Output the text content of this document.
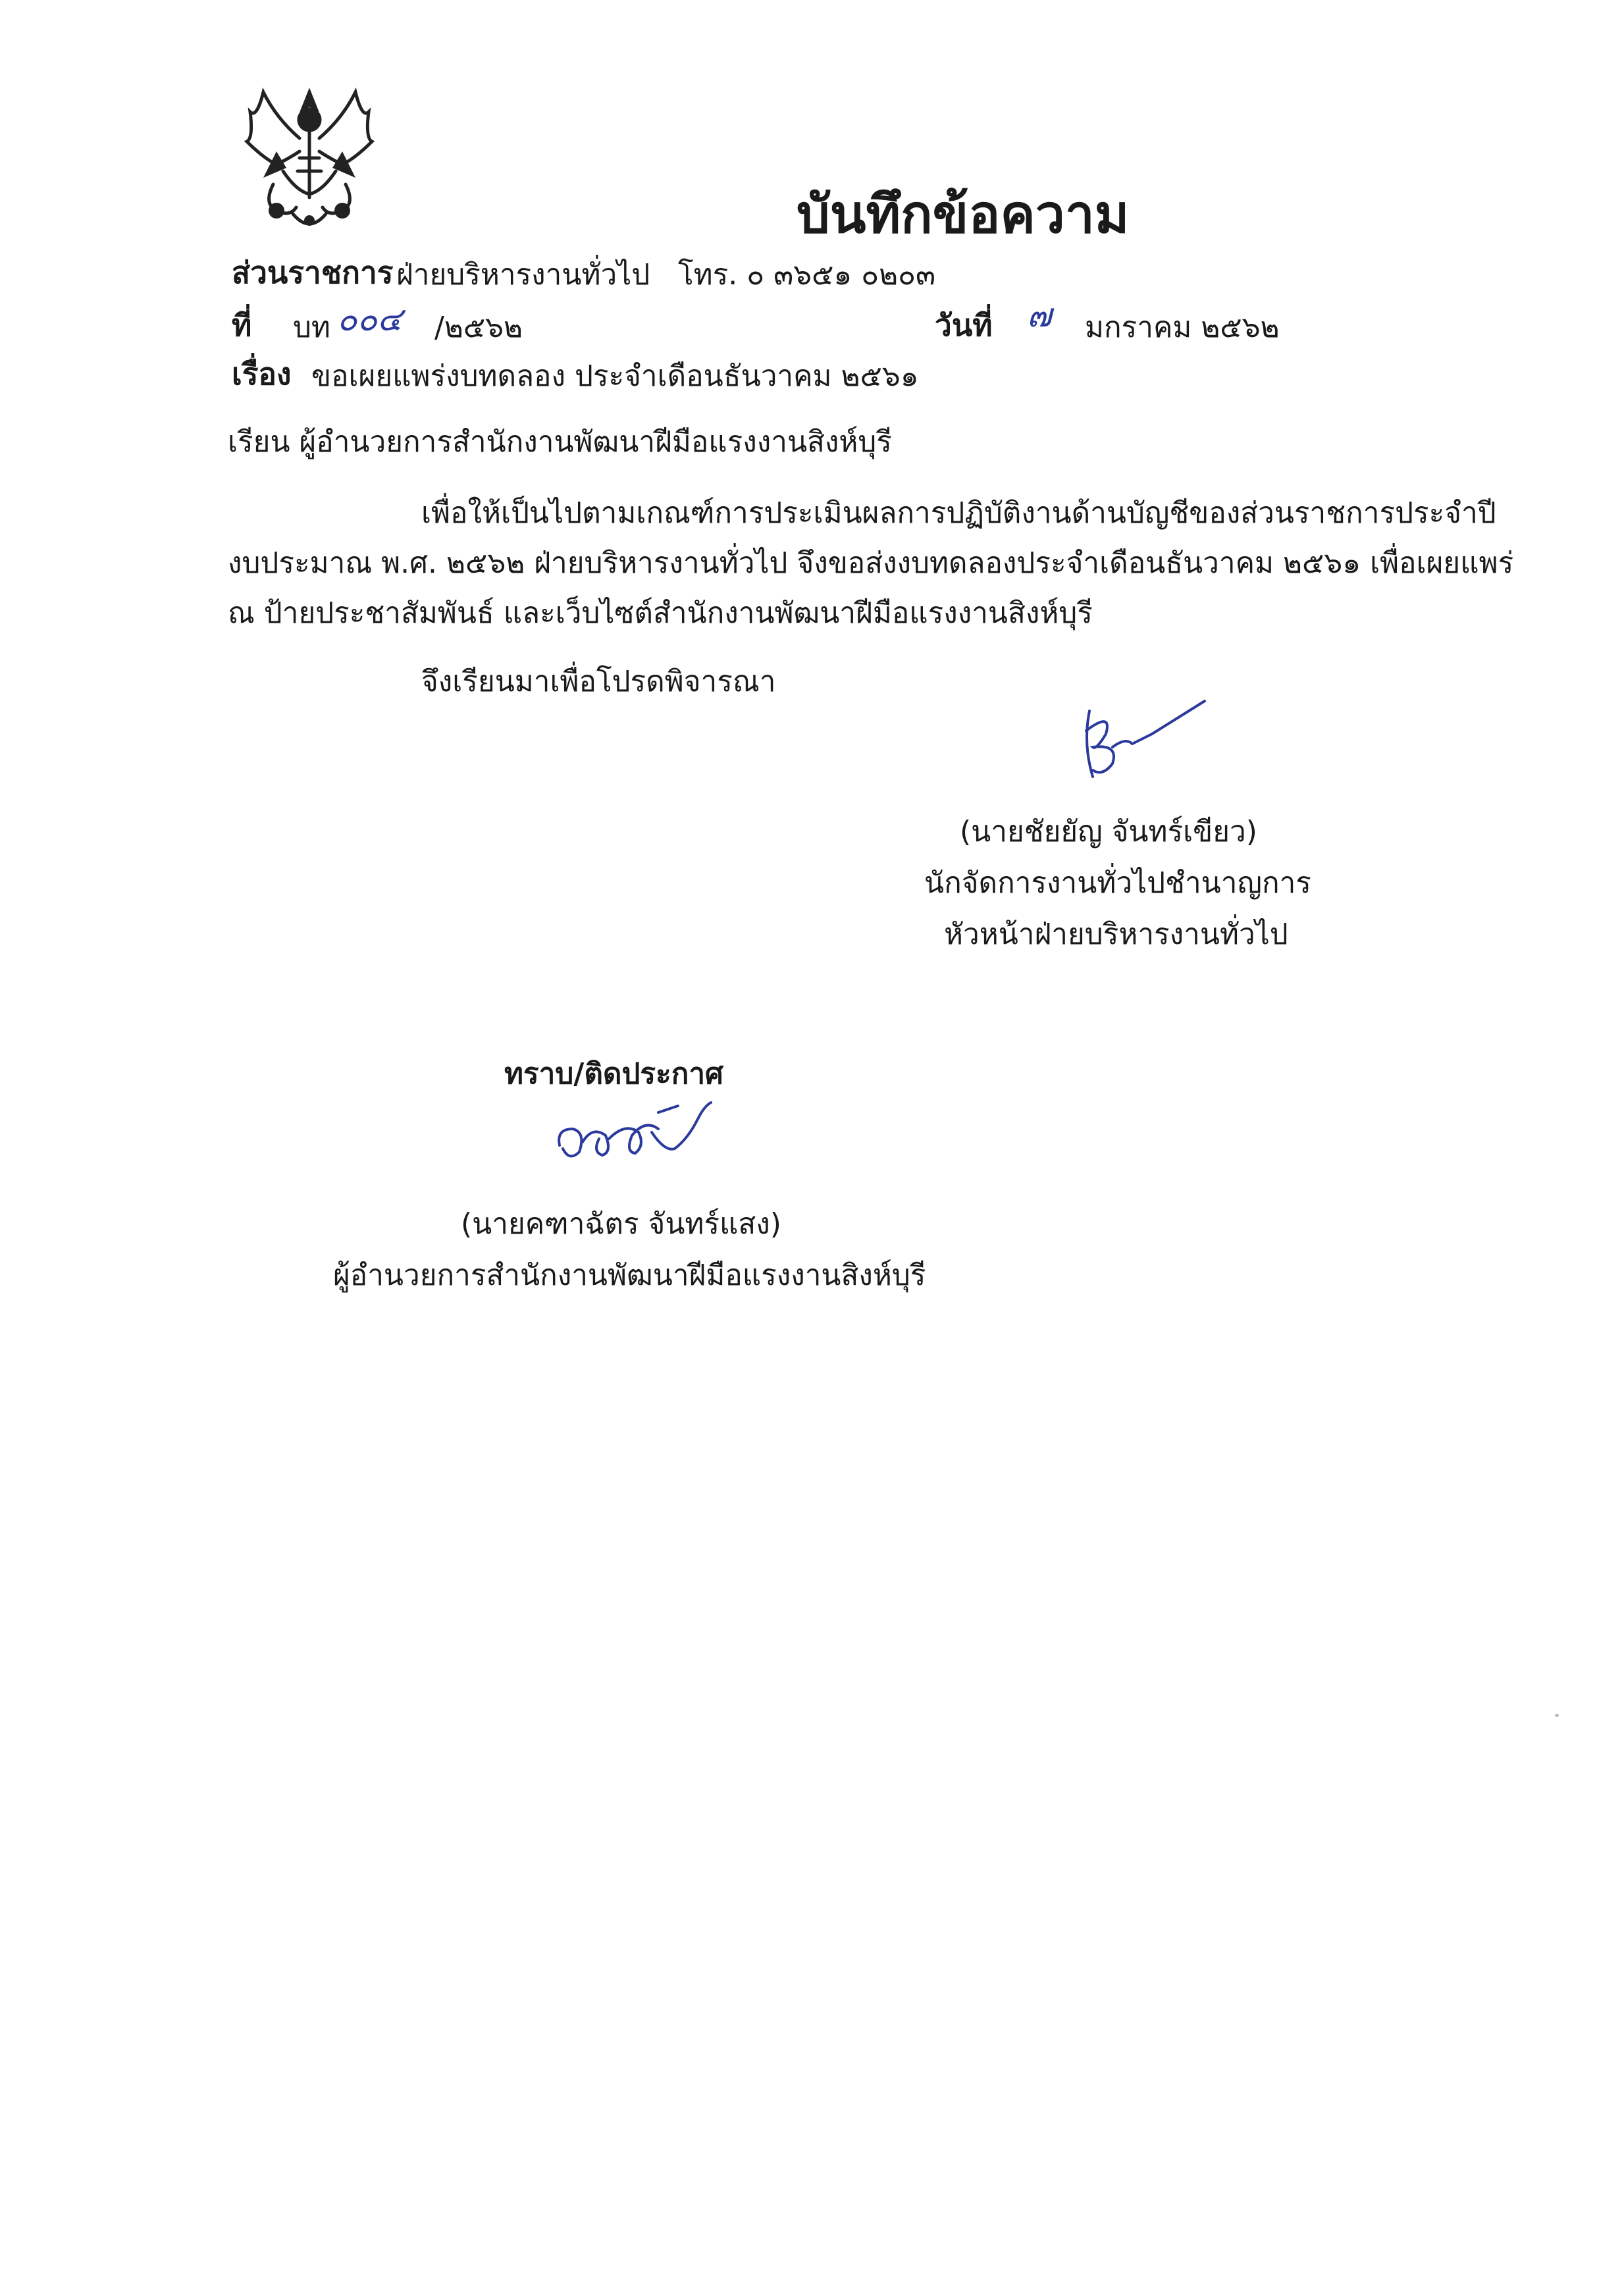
บันทึกข้อความ
ส่วนราชการ ฝ่ายบริหารงานทั่วไป โทร. ๐ ๓๖๕๑ ๐๒๐๓
ที่ บท ๐๐๔ /๒๕๖๒	วันที่ ๗ มกราคม ๒๕๖๒
เรื่อง ขอเผยแพร่งบทดลอง ประจำเดือนธันวาคม ๒๕๖๑
เรียน ผู้อำนวยการสำนักงานพัฒนาฝีมือแรงงานสิงห์บุรี
เพื่อให้เป็นไปตามเกณฑ์การประเมินผลการปฏิบัติงานด้านบัญชีของส่วนราชการประจำปี
งบประมาณ พ.ศ. ๒๕๖๒ ฝ่ายบริหารงานทั่วไป จึงขอส่งงบทดลองประจำเดือนธันวาคม ๒๕๖๑ เพื่อเผยแพร่
ณ ป้ายประชาสัมพันธ์ และเว็บไซต์สำนักงานพัฒนาฝีมือแรงงานสิงห์บุรี
จึงเรียนมาเพื่อโปรดพิจารณา
(นายชัยยัญ จันทร์เขียว)
นักจัดการงานทั่วไปชำนาญการ
หัวหน้าฝ่ายบริหารงานทั่วไป
ทราบ/ติดประกาศ
(นายคฑาฉัตร จันทร์แสง)
ผู้อำนวยการสำนักงานพัฒนาฝีมือแรงงานสิงห์บุรี
